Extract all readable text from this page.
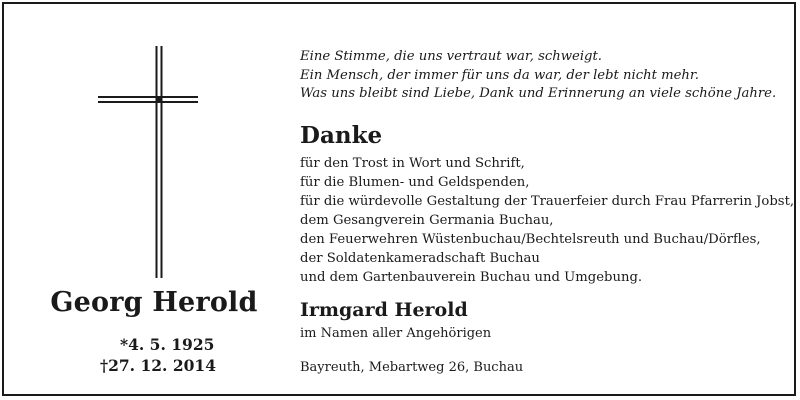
Georg Herold
*4. 5. 1925
†27. 12. 2014
Eine Stimme, die uns vertraut war, schweigt.
Ein Mensch, der immer für uns da war, der lebt nicht mehr.
Was uns bleibt sind Liebe, Dank und Erinnerung an viele schöne Jahre.
Danke
für den Trost in Wort und Schrift,
für die Blumen- und Geldspenden,
für die würdevolle Gestaltung der Trauerfeier durch Frau Pfarrerin Jobst,
dem Gesangverein Germania Buchau,
den Feuerwehren Wüstenbuchau/Bechtelsreuth und Buchau/Dörfles,
der Soldatenkameradschaft Buchau
und dem Gartenbauverein Buchau und Umgebung.
Irmgard Herold
im Namen aller Angehörigen
Bayreuth, Mebartweg 26, Buchau
